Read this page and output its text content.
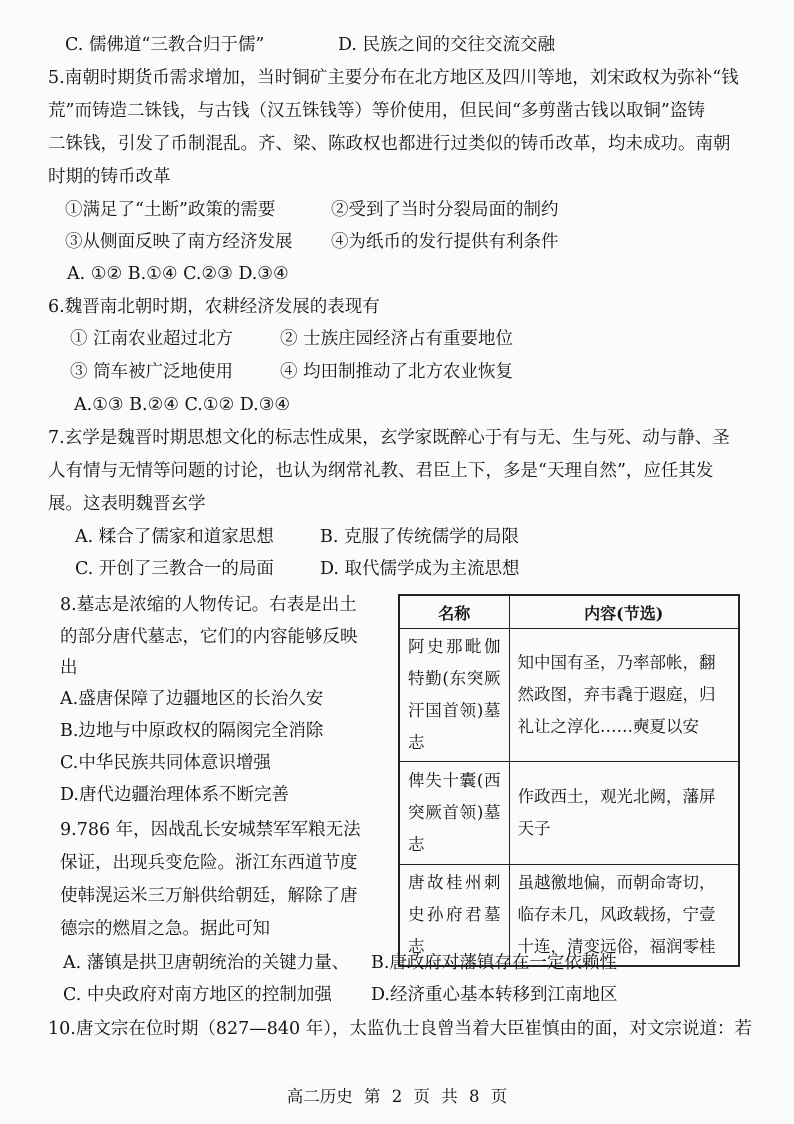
C. 儒佛道“三教合归于儒”	D. 民族之间的交往交流交融
5.南朝时期货币需求增加，当时铜矿主要分布在北方地区及四川等地，刘宋政权为弥补“钱
荒”而铸造二铢钱，与古钱（汉五铢钱等）等价使用，但民间“多剪凿古钱以取铜”盗铸
二铢钱，引发了币制混乱。齐、梁、陈政权也都进行过类似的铸币改革，均未成功。南朝
时期的铸币改革
①满足了“土断”政策的需要	②受到了当时分裂局面的制约
③从侧面反映了南方经济发展 ④为纸币的发行提供有利条件
A. ①② B.①④ C.②③ D.③④
6.魏晋南北朝时期，农耕经济发展的表现有
① 江南农业超过北方	② 士族庄园经济占有重要地位
③ 筒车被广泛地使用	④ 均田制推动了北方农业恢复
A.①③ B.②④ C.①② D.③④
7.玄学是魏晋时期思想文化的标志性成果，玄学家既醉心于有与无、生与死、动与静、圣
人有情与无情等问题的讨论，也认为纲常礼教、君臣上下，多是“天理自然”，应任其发
展。这表明魏晋玄学
A. 糅合了儒家和道家思想	B. 克服了传统儒学的局限
C. 开创了三教合一的局面	D. 取代儒学成为主流思想
8.墓志是浓缩的人物传记。右表是出土
的部分唐代墓志，它们的内容能够反映
出
A.盛唐保障了边疆地区的长治久安
B.边地与中原政权的隔阂完全消除
C.中华民族共同体意识增强
D.唐代边疆治理体系不断完善
9.786 年，因战乱长安城禁军军粮无法
保证，出现兵变危险。浙江东西道节度
使韩滉运米三万斛供给朝廷，解除了唐
德宗的燃眉之急。据此可知
A. 藩镇是拱卫唐朝统治的关键力量、 B.唐政府对藩镇存在一定依赖性
C. 中央政府对南方地区的控制加强 D.经济重心基本转移到江南地区
10.唐文宗在位时期（827—840 年），太监仇士良曾当着大臣崔慎由的面，对文宗说道：若
名称	内容(节选)
阿史那毗伽特勤(东突厥汗国首领)墓志	知中国有圣，乃率部帐，翻然政图，弃韦毳于遐庭，归礼让之淳化……奭夏以安
俾失十囊(西突厥首领)墓志	作政西土，观光北阙，藩屏天子
唐故桂州刺史孙府君墓志	虽越徼地偏，而朝命寄切，临存未几，风政载扬，宁壹十连，清变远俗，福润零桂
高二历史 第 2 页 共 8 页
